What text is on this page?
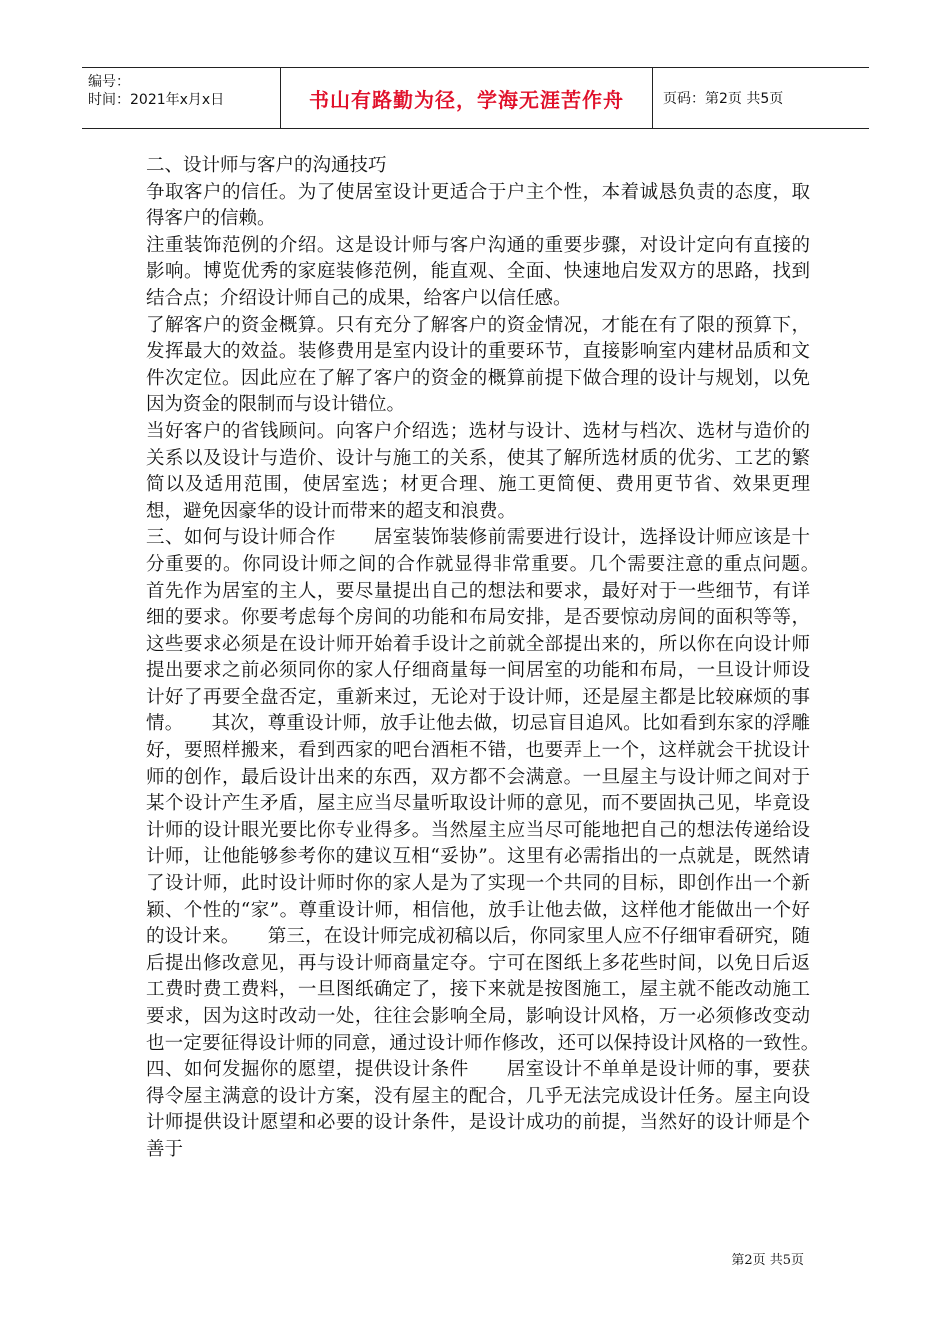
编号：
时间：2021年x月x日	书山有路勤为径，学海无涯苦作舟	页码：第2页 共5页

二、设计师与客户的沟通技巧

争取客户的信任。为了使居室设计更适合于户主个性，本着诚恳负责的态度，取得客户的信赖。

注重装饰范例的介绍。这是设计师与客户沟通的重要步骤，对设计定向有直接的影响。博览优秀的家庭装修范例，能直观、全面、快速地启发双方的思路，找到结合点；介绍设计师自己的成果，给客户以信任感。

了解客户的资金概算。只有充分了解客户的资金情况，才能在有了限的预算下，发挥最大的效益。装修费用是室内设计的重要环节，直接影响室内建材品质和文件次定位。因此应在了解了客户的资金的概算前提下做合理的设计与规划，以免因为资金的限制而与设计错位。

当好客户的省钱顾问。向客户介绍选；选材与设计、选材与档次、选材与造价的关系以及设计与造价、设计与施工的关系，使其了解所选材质的优劣、工艺的繁简以及适用范围，使居室选；材更合理、施工更简便、费用更节省、效果更理想，避免因豪华的设计而带来的超支和浪费。

三、如何与设计师合作　　居室装饰装修前需要进行设计，选择设计师应该是十分重要的。你同设计师之间的合作就显得非常重要。几个需要注意的重点问题。　　首先作为居室的主人，要尽量提出自己的想法和要求，最好对于一些细节，有详细的要求。你要考虑每个房间的功能和布局安排，是否要惊动房间的面积等等，这些要求必须是在设计师开始着手设计之前就全部提出来的，所以你在向设计师提出要求之前必须同你的家人仔细商量每一间居室的功能和布局，一旦设计师设计好了再要全盘否定，重新来过，无论对于设计师，还是屋主都是比较麻烦的事情。　　其次，尊重设计师，放手让他去做，切忌盲目追风。比如看到东家的浮雕好，要照样搬来，看到西家的吧台酒柜不错，也要弄上一个，这样就会干扰设计师的创作，最后设计出来的东西，双方都不会满意。一旦屋主与设计师之间对于某个设计产生矛盾，屋主应当尽量听取设计师的意见，而不要固执己见，毕竟设计师的设计眼光要比你专业得多。当然屋主应当尽可能地把自己的想法传递给设计师，让他能够参考你的建议互相“妥协”。这里有必需指出的一点就是，既然请了设计师，此时设计师时你的家人是为了实现一个共同的目标，即创作出一个新颖、个性的“家”。尊重设计师，相信他，放手让他去做，这样他才能做出一个好的设计来。　　第三，在设计师完成初稿以后，你同家里人应不仔细审看研究，随后提出修改意见，再与设计师商量定夺。宁可在图纸上多花些时间，以免日后返工费时费工费料，一旦图纸确定了，接下来就是按图施工，屋主就不能改动施工要求，因为这时改动一处，往往会影响全局，影响设计风格，万一必须修改变动也一定要征得设计师的同意，通过设计师作修改，还可以保持设计风格的一致性。　　四、如何发掘你的愿望，提供设计条件　　居室设计不单单是设计师的事，要获得令屋主满意的设计方案，没有屋主的配合，几乎无法完成设计任务。屋主向设计师提供设计愿望和必要的设计条件，是设计成功的前提，当然好的设计师是个善于

第2页 共5页
